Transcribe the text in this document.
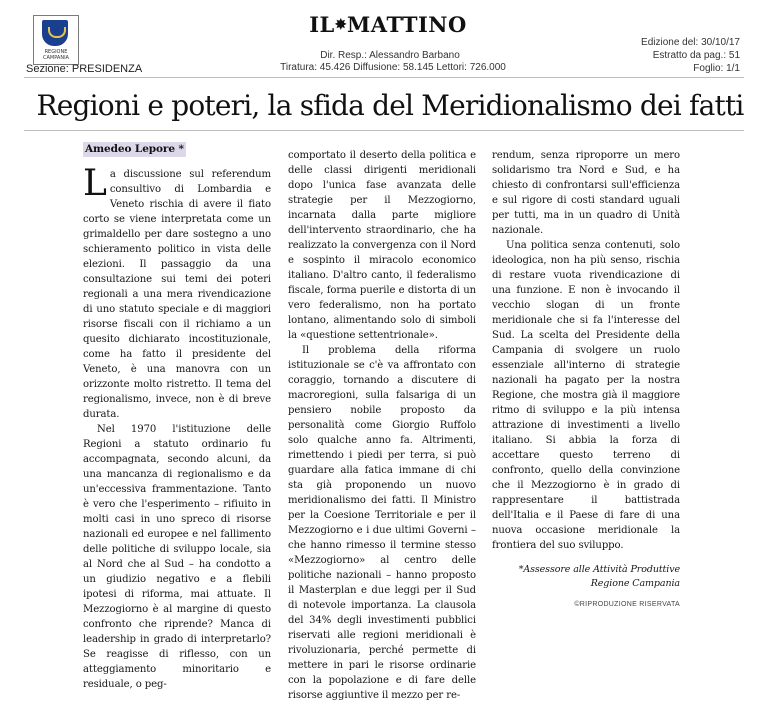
REGIONE CAMPANIA
Sezione: PRESIDENZA
IL✸MATTINO
Dir. Resp.: Alessandro Barbano
Tiratura: 45.426 Diffusione: 58.145 Lettori: 726.000
Edizione del: 30/10/17
Estratto da pag.: 51
Foglio: 1/1
Regioni e poteri, la sfida del Meridionalismo dei fatti
Amedeo Lepore *

La discussione sul referendum consultivo di Lombardia e Veneto rischia di avere il fiato corto se viene interpretata come un grimaldello per dare sostegno a uno schieramento politico in vista delle elezioni. Il passaggio da una consultazione sui temi dei poteri regionali a una mera rivendicazione di uno statuto speciale e di maggiori risorse fiscali con il richiamo a un quesito dichiarato incostituzionale, come ha fatto il presidente del Veneto, è una manovra con un orizzonte molto ristretto. Il tema del regionalismo, invece, non è di breve durata.

Nel 1970 l'istituzione delle Regioni a statuto ordinario fu accompagnata, secondo alcuni, da una mancanza di regionalismo e da un'eccessiva frammentazione. Tanto è vero che l'esperimento – rifiuito in molti casi in uno spreco di risorse nazionali ed europee e nel fallimento delle politiche di sviluppo locale, sia al Nord che al Sud – ha condotto a un giudizio negativo e a flebili ipotesi di riforma, mai attuate. Il Mezzogiorno è al margine di questo confronto che riprende? Manca di leadership in grado di interpretarlo? Se reagisse di riflesso, con un atteggiamento minoritario e residuale, o peg-

comportato il deserto della politica e delle classi dirigenti meridionali dopo l'unica fase avanzata delle strategie per il Mezzogiorno, incarnata dalla parte migliore dell'intervento straordinario, che ha realizzato la convergenza con il Nord e sospinto il miracolo economico italiano. D'altro canto, il federalismo fiscale, forma puerile e distorta di un vero federalismo, non ha portato lontano, alimentando solo di simboli la «questione settentrionale».

Il problema della riforma istituzionale se c'è va affrontato con coraggio, tornando a discutere di macroregioni, sulla falsariga di un pensiero nobile proposto da personalità come Giorgio Ruffolo solo qualche anno fa. Altrimenti, rimettendo i piedi per terra, si può guardare alla fatica immane di chi sta già proponendo un nuovo meridionalismo dei fatti. Il Ministro per la Coesione Territoriale e per il Mezzogiorno e i due ultimi Governi – che hanno rimesso il termine stesso «Mezzogiorno» al centro delle politiche nazionali – hanno proposto il Masterplan e due leggi per il Sud di notevole importanza. La clausola del 34% degli investimenti pubblici riservati alle regioni meridionali è rivoluzionaria, perché permette di mettere in pari le risorse ordinarie con la popolazione e di fare delle risorse aggiuntive il mezzo per re-

rendum, senza riproporre un mero solidarismo tra Nord e Sud, e ha chiesto di confrontarsi sull'efficienza e sul rigore di costi standard uguali per tutti, ma in un quadro di Unità nazionale.

Una politica senza contenuti, solo ideologica, non ha più senso, rischia di restare vuota rivendicazione di una funzione. E non è invocando il vecchio slogan di un fronte meridionale che si fa l'interesse del Sud. La scelta del Presidente della Campania di svolgere un ruolo essenziale all'interno di strategie nazionali ha pagato per la nostra Regione, che mostra già il maggiore ritmo di sviluppo e la più intensa attrazione di investimenti a livello italiano. Si abbia la forza di accettare questo terreno di confronto, quello della convinzione che il Mezzogiorno è in grado di rappresentare il battistrada dell'Italia e il Paese di fare di una nuova occasione meridionale la frontiera del suo sviluppo.

*Assessore alle Attività Produttive
Regione Campania
©RIPRODUZIONE RISERVATA
